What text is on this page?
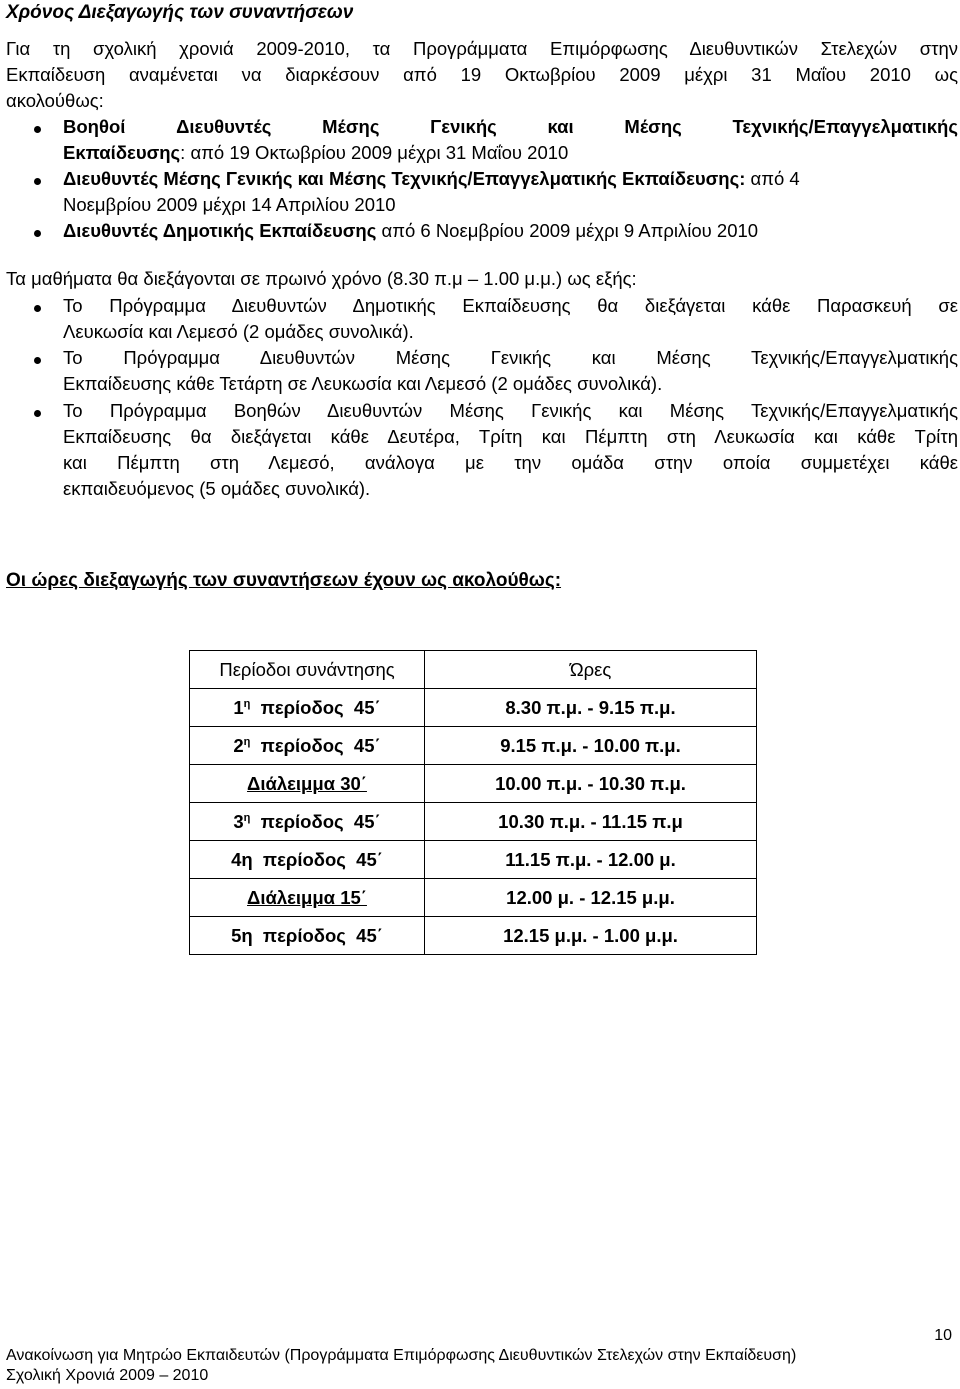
Χρόνος Διεξαγωγής των συναντήσεων
Για τη σχολική χρονιά 2009-2010, τα Προγράμματα Επιμόρφωσης Διευθυντικών Στελεχών στην
Εκπαίδευση αναμένεται να διαρκέσουν από 19 Οκτωβρίου 2009 μέχρι 31 Μαΐου 2010 ως
ακολούθως:
Βοηθοί	Διευθυντές	Μέσης	Γενικής	και	Μέσης	Τεχνικής/Επαγγελματικής
Εκπαίδευσης: από 19 Οκτωβρίου 2009 μέχρι 31 Μαΐου 2010
Διευθυντές Μέσης Γενικής και Μέσης Τεχνικής/Επαγγελματικής Εκπαίδευσης: από 4
Νοεμβρίου 2009 μέχρι 14 Απριλίου 2010
Διευθυντές Δημοτικής Εκπαίδευσης από 6 Νοεμβρίου 2009 μέχρι 9 Απριλίου 2010
Τα μαθήματα θα διεξάγονται σε πρωινό χρόνο (8.30 π.μ – 1.00 μ.μ.) ως εξής:
Το Πρόγραμμα Διευθυντών Δημοτικής Εκπαίδευσης θα διεξάγεται κάθε Παρασκευή σε
Λευκωσία και Λεμεσό (2 ομάδες συνολικά).
Το Πρόγραμμα Διευθυντών Μέσης Γενικής και Μέσης Τεχνικής/Επαγγελματικής
Εκπαίδευσης κάθε Τετάρτη σε Λευκωσία και Λεμεσό (2 ομάδες συνολικά).
Το Πρόγραμμα Βοηθών Διευθυντών Μέσης Γενικής και Μέσης Τεχνικής/Επαγγελματικής
Εκπαίδευσης θα διεξάγεται κάθε Δευτέρα, Τρίτη και Πέμπτη στη Λευκωσία και κάθε Τρίτη
και Πέμπτη στη Λεμεσό, ανάλογα με την ομάδα στην οποία συμμετέχει κάθε
εκπαιδευόμενος (5 ομάδες συνολικά).
Οι ώρες διεξαγωγής των συναντήσεων έχουν ως ακολούθως:
Περίοδοι συνάντησης	Ώρες
$1^\eta$  περίοδος  45΄	8.30 π.μ. - 9.15 π.μ.
$2^\eta$  περίοδος  45΄	9.15 π.μ. - 10.00 π.μ.
Διάλειμμα 30΄	10.00 π.μ. - 10.30 π.μ.
$3^\eta$  περίοδος  45΄	10.30 π.μ. - 11.15 π.μ
4η  περίοδος  45΄	11.15 π.μ. - 12.00 μ.
Διάλειμμα 15΄	12.00 μ. - 12.15 μ.μ.
5η  περίοδος  45΄	12.15 μ.μ. - 1.00 μ.μ.
10
Ανακοίνωση για Μητρώο Εκπαιδευτών (Προγράμματα Επιμόρφωσης Διευθυντικών Στελεχών στην Εκπαίδευση)
Σχολική Χρονιά 2009 – 2010
